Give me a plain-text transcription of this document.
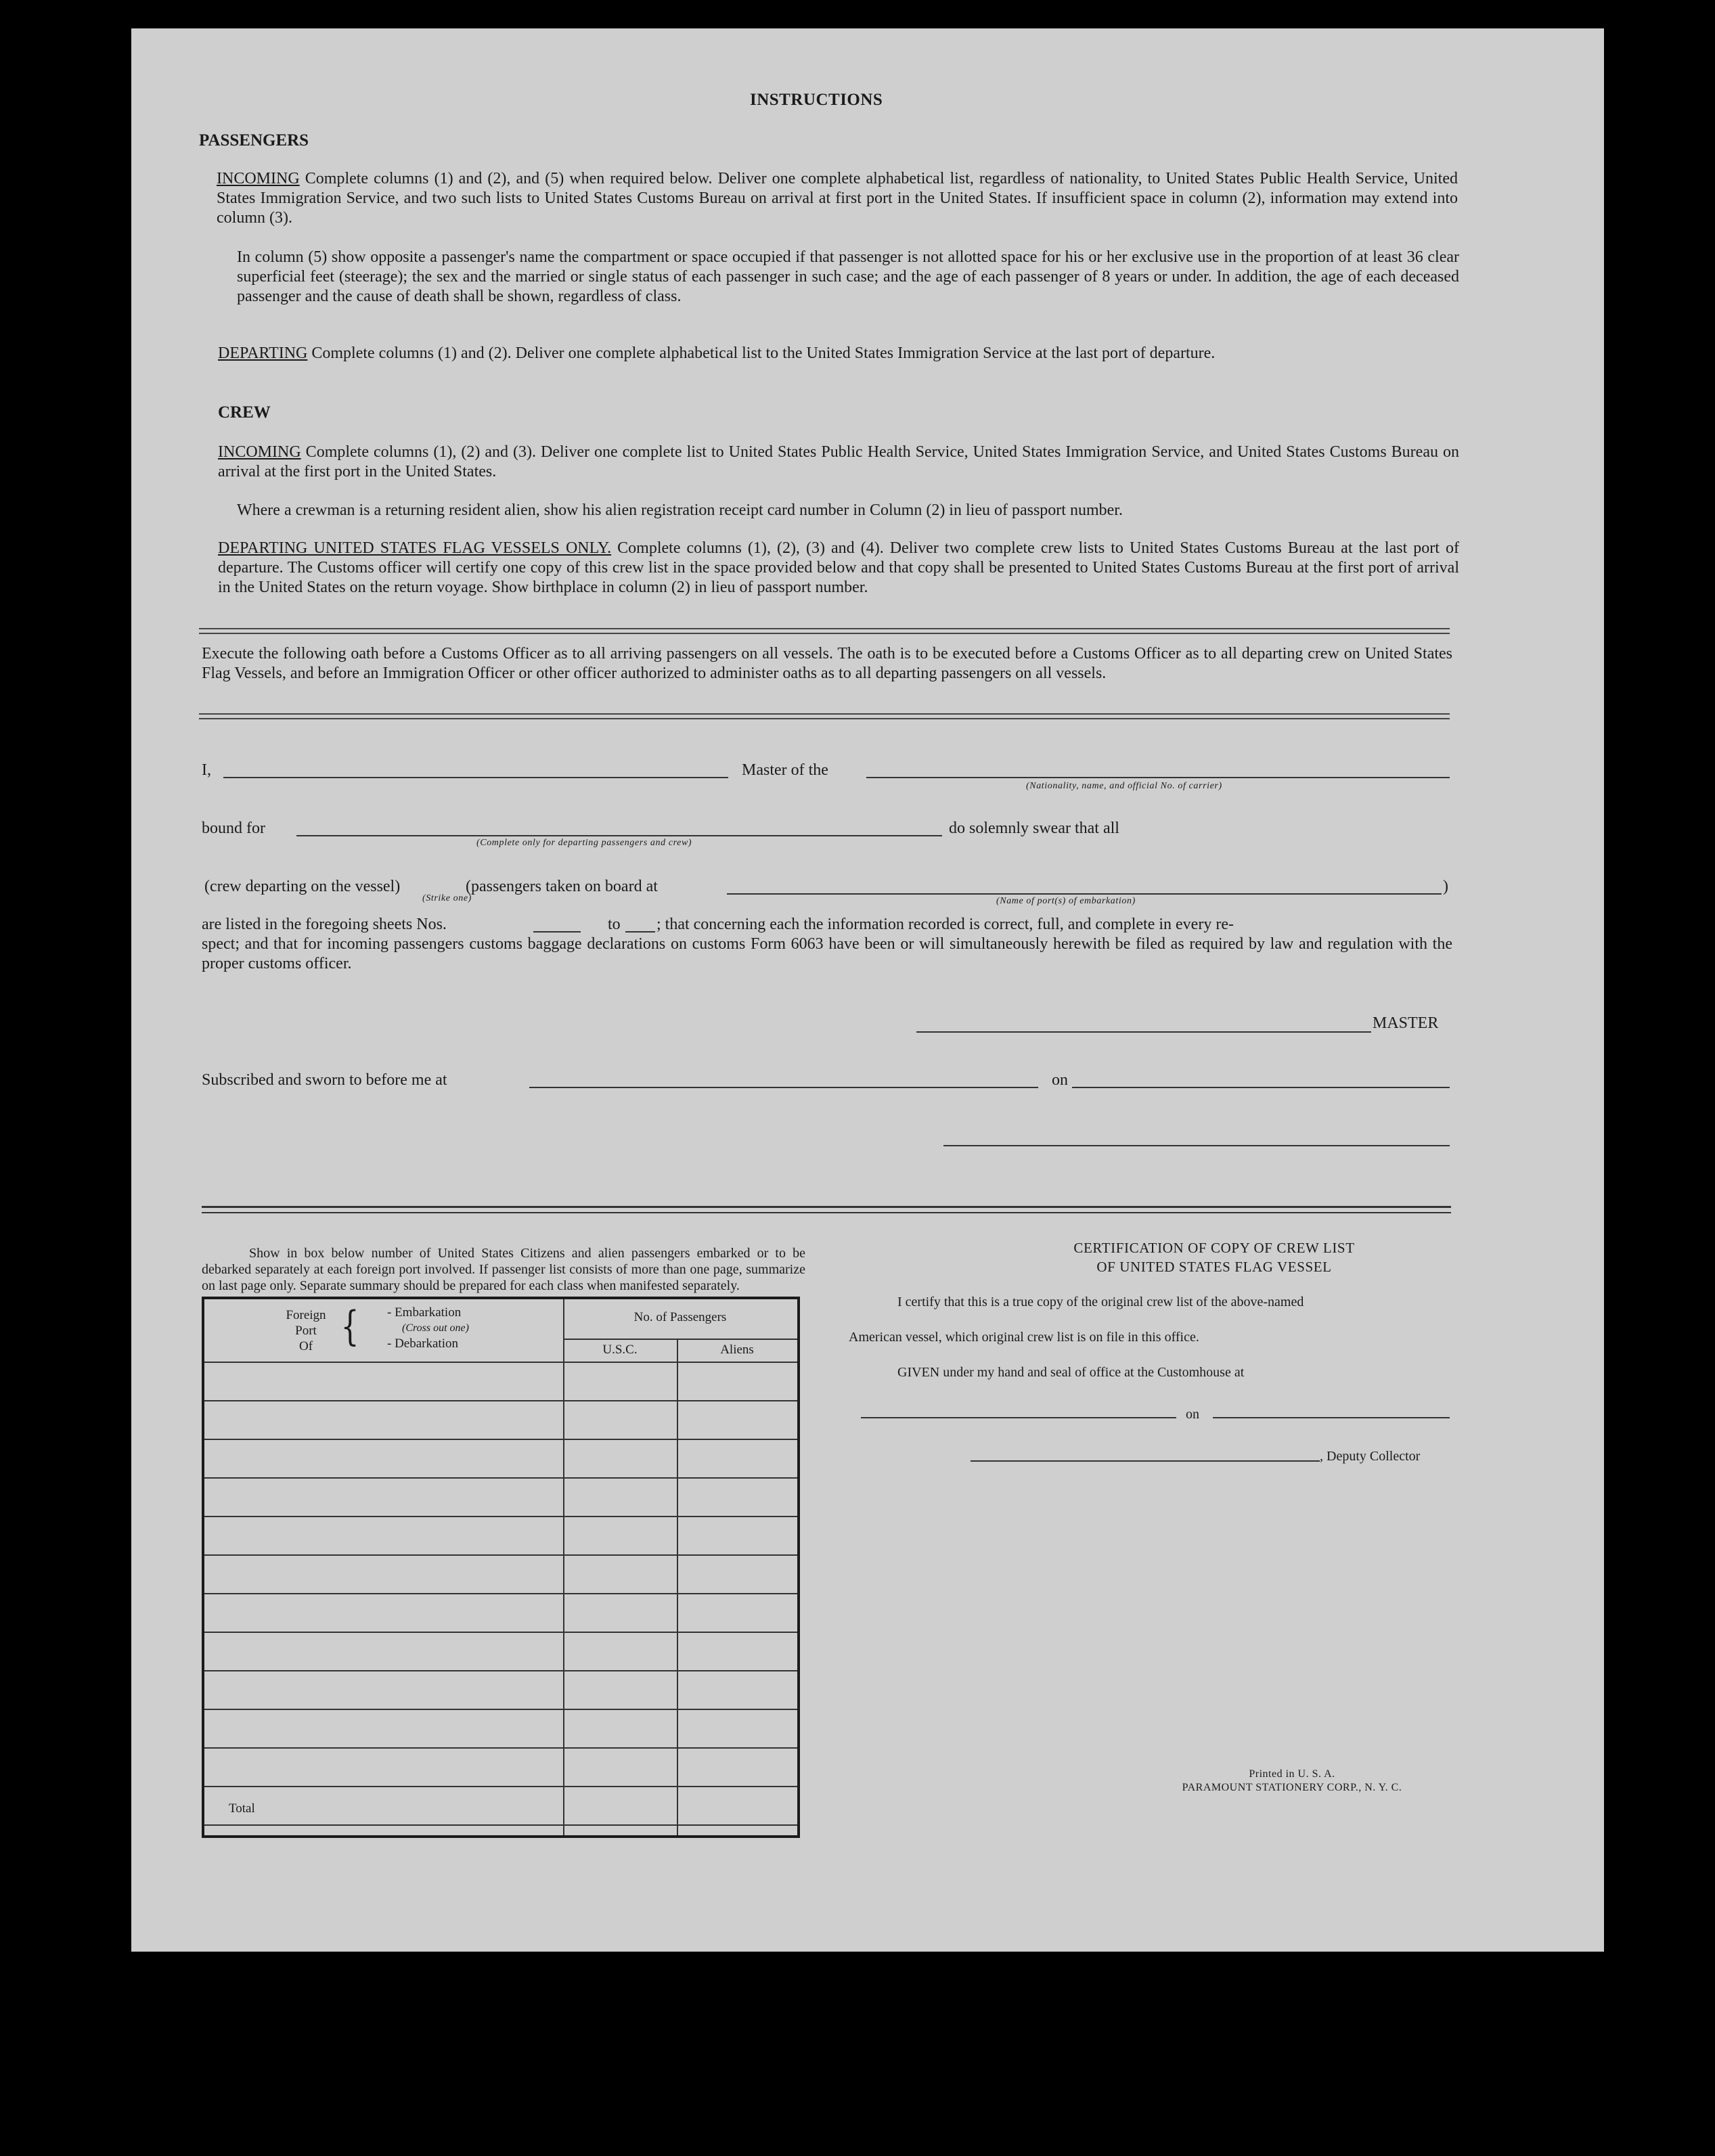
INSTRUCTIONS
PASSENGERS
INCOMING Complete columns (1) and (2), and (5) when required below. Deliver one complete alphabetical list, regardless of nationality, to United States Public Health Service, United States Immigration Service, and two such lists to United States Customs Bureau on arrival at first port in the United States. If insufficient space in column (2), information may extend into column (3).
In column (5) show opposite a passenger's name the compartment or space occupied if that passenger is not allotted space for his or her exclusive use in the proportion of at least 36 clear superficial feet (steerage); the sex and the married or single status of each passenger in such case; and the age of each passenger of 8 years or under. In addition, the age of each deceased passenger and the cause of death shall be shown, regardless of class.
DEPARTING Complete columns (1) and (2). Deliver one complete alphabetical list to the United States Immigration Service at the last port of departure.
CREW
INCOMING Complete columns (1), (2) and (3). Deliver one complete list to United States Public Health Service, United States Immigration Service, and United States Customs Bureau on arrival at the first port in the United States.
Where a crewman is a returning resident alien, show his alien registration receipt card number in Column (2) in lieu of passport number.
DEPARTING UNITED STATES FLAG VESSELS ONLY. Complete columns (1), (2), (3) and (4). Deliver two complete crew lists to United States Customs Bureau at the last port of departure. The Customs officer will certify one copy of this crew list in the space provided below and that copy shall be presented to United States Customs Bureau at the first port of arrival in the United States on the return voyage. Show birthplace in column (2) in lieu of passport number.
Execute the following oath before a Customs Officer as to all arriving passengers on all vessels. The oath is to be executed before a Customs Officer as to all departing crew on United States Flag Vessels, and before an Immigration Officer or other officer authorized to administer oaths as to all departing passengers on all vessels.
I,	Master of the
(Nationality, name, and official No. of carrier)
bound for
(Complete only for departing passengers and crew)
do solemnly swear that all
(crew departing on the vessel)
(Strike one)
(passengers taken on board at	)
(Name of port(s) of embarkation)
are listed in the foregoing sheets Nos.	to ; that concerning each the information recorded is correct, full, and complete in every re-
spect; and that for incoming passengers customs baggage declarations on customs Form 6063 have been or will simultaneously herewith be filed as required by law and regulation with the proper customs officer.
MASTER
Subscribed and sworn to before me at	on
Show in box below number of United States Citizens and alien passengers embarked or to be debarked separately at each foreign port involved. If passenger list consists of more than one page, summarize on last page only. Separate summary should be prepared for each class when manifested separately.
Foreign
Port
Of { - Embarkation
(Cross out one)
- Debarkation
No. of Passengers
U.S.C.	Aliens
Total
CERTIFICATION OF COPY OF CREW LIST
OF UNITED STATES FLAG VESSEL
I certify that this is a true copy of the original crew list of the above-named
American vessel, which original crew list is on file in this office.
GIVEN under my hand and seal of office at the Customhouse at
on
, Deputy Collector
Printed in U. S. A.
PARAMOUNT STATIONERY CORP., N. Y. C.
